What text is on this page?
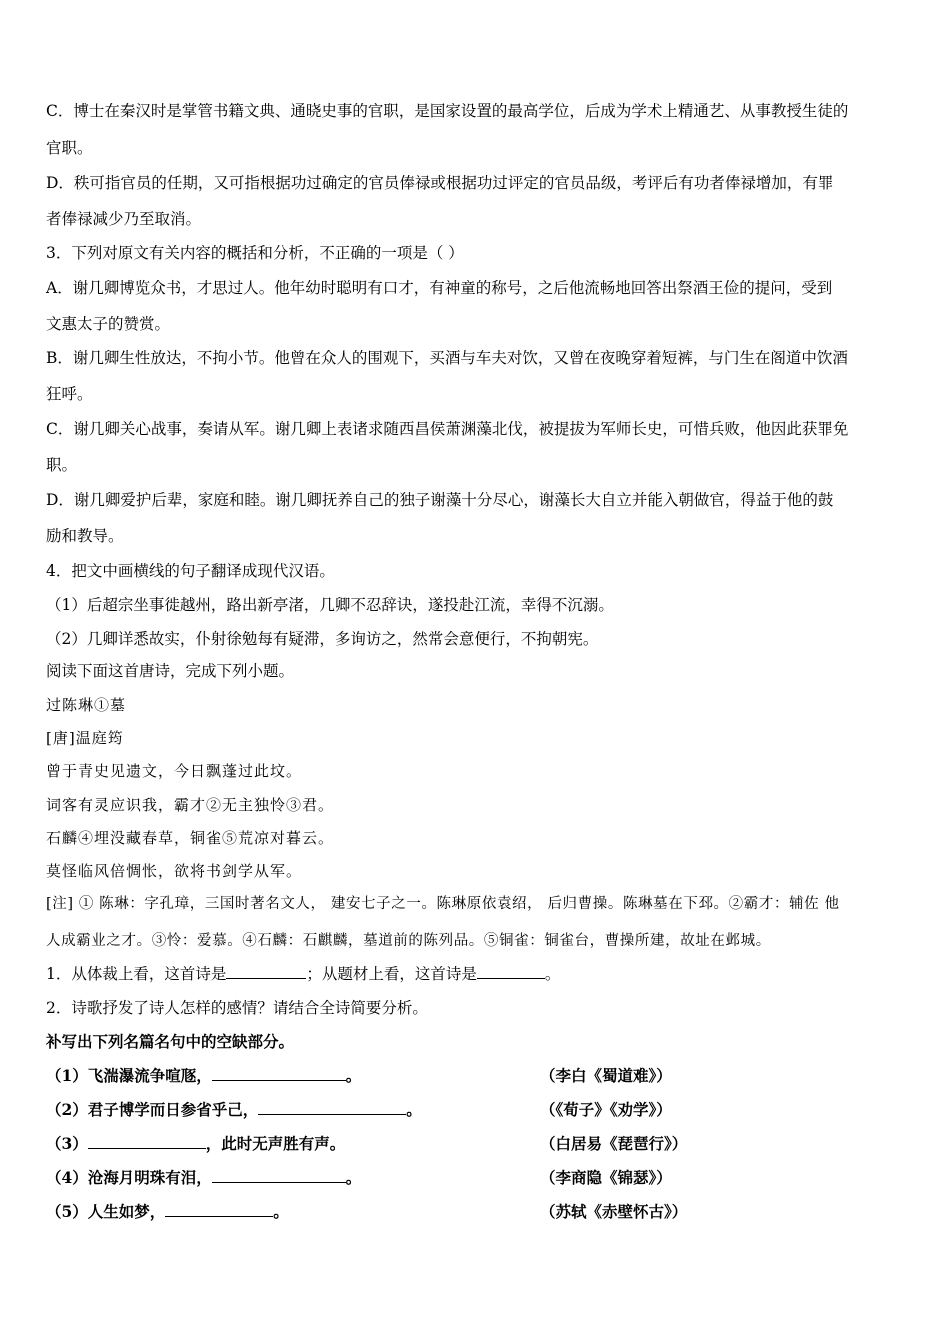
C．博士在秦汉时是掌管书籍文典、通晓史事的官职，是国家设置的最高学位，后成为学术上精通艺、从事教授生徒的
官职。
D．秩可指官员的任期，又可指根据功过确定的官员俸禄或根据功过评定的官员品级，考评后有功者俸禄增加，有罪
者俸禄减少乃至取消。
3．下列对原文有关内容的概括和分析，不正确的一项是（ ）
A．谢几卿博览众书，才思过人。他年幼时聪明有口才，有神童的称号，之后他流畅地回答出祭酒王俭的提问，受到
文惠太子的赞赏。
B．谢几卿生性放达，不拘小节。他曾在众人的围观下，买酒与车夫对饮，又曾在夜晚穿着短裤，与门生在阁道中饮酒
狂呼。
C．谢几卿关心战事，奏请从军。谢几卿上表诸求随西昌侯萧渊藻北伐，被提拔为军师长史，可惜兵败，他因此获罪免
职。
D．谢几卿爱护后辈，家庭和睦。谢几卿抚养自己的独子谢藻十分尽心，谢藻长大自立并能入朝做官，得益于他的鼓
励和教导。
4．把文中画横线的句子翻译成现代汉语。
（1）后超宗坐事徙越州，路出新亭渚，几卿不忍辞诀，遂投赴江流，幸得不沉溺。
（2）几卿详悉故实，仆射徐勉每有疑滞，多询访之，然常会意便行，不拘朝宪。
阅读下面这首唐诗，完成下列小题。
过陈琳①墓
[唐]温庭筠
曾于青史见遗文，今日飘蓬过此坟。
词客有灵应识我，霸才②无主独怜③君。
石麟④埋没藏春草，铜雀⑤荒凉对暮云。
莫怪临风倍惆怅，欲将书剑学从军。
[注] ① 陈琳：字孔璋，三国时著名文人， 建安七子之一。陈琳原依袁绍， 后归曹操。陈琳墓在下邳。②霸才：辅佐 他
人成霸业之才。③怜：爱慕。④石麟：石麒麟，墓道前的陈列品。⑤铜雀：铜雀台，曹操所建，故址在邺城。
1．从体裁上看，这首诗是	；从题材上看，这首诗是	。
2．诗歌抒发了诗人怎样的感情？请结合全诗简要分析。
补写出下列名篇名句中的空缺部分。
（1）飞湍瀑流争喧豗，	。	（李白《蜀道难》）
（2）君子博学而日参省乎己，	。	（《荀子》《劝学》）
（3）	，此时无声胜有声。	（白居易《琵琶行》）
（4）沧海月明珠有泪，	。	（李商隐《锦瑟》）
（5）人生如梦，	。	（苏轼《赤壁怀古》）
